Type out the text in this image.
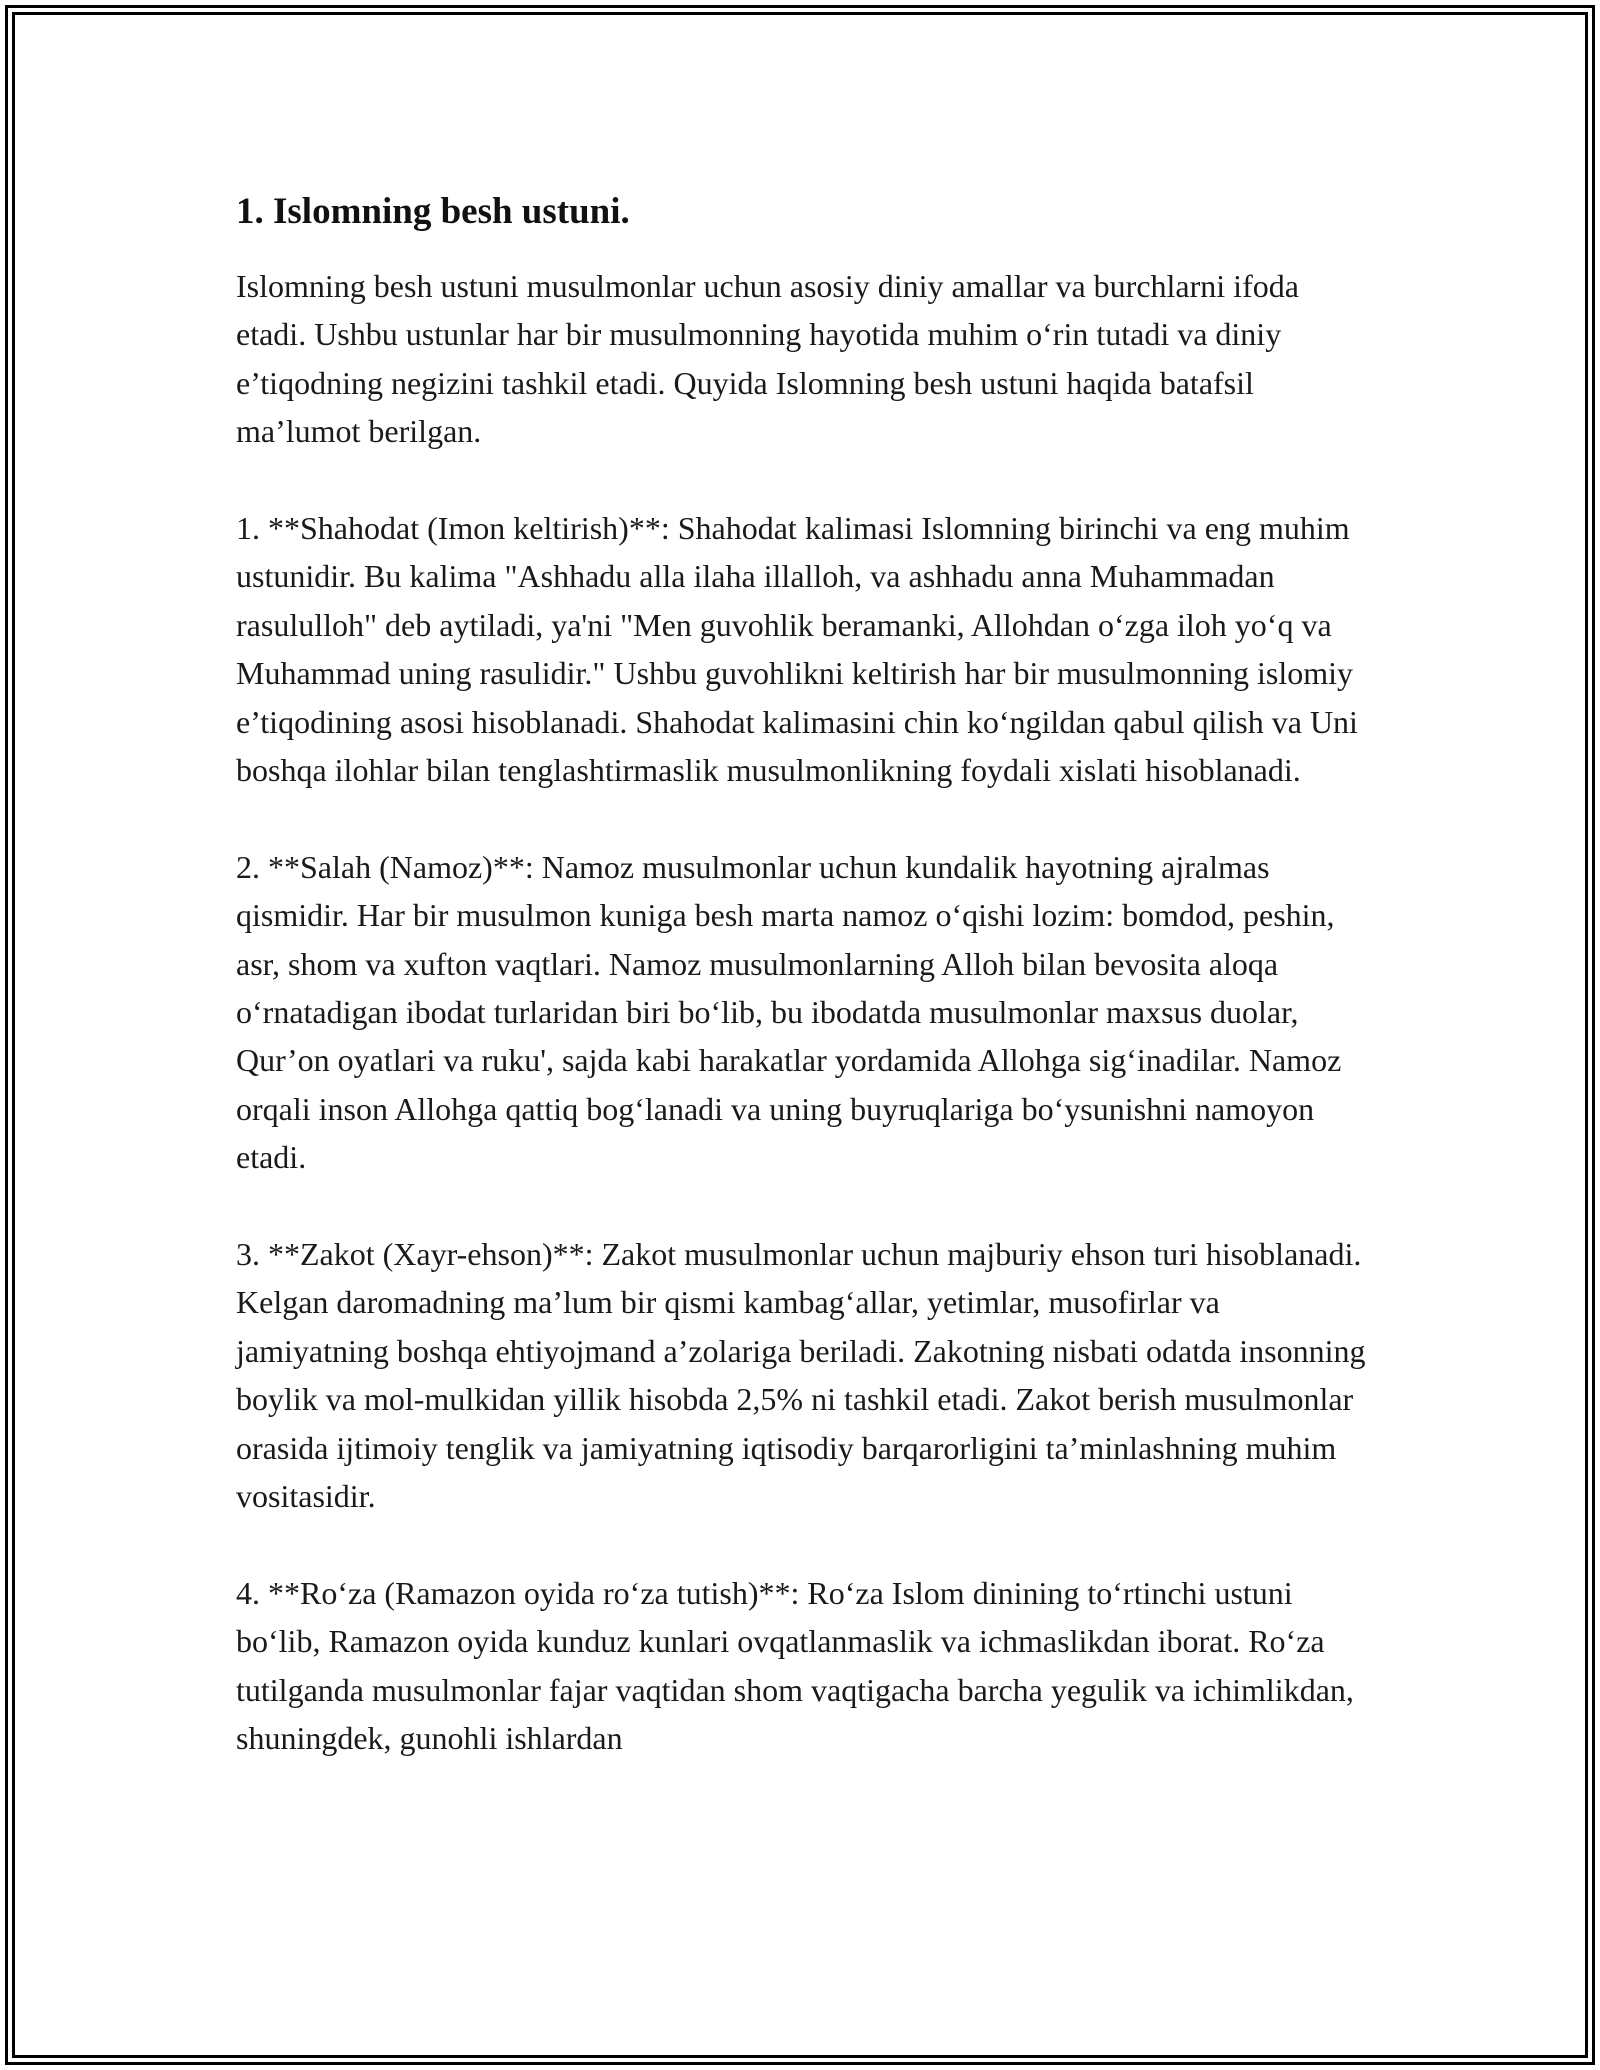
1. Islomning besh ustuni.

Islomning besh ustuni musulmonlar uchun asosiy diniy amallar va burchlarni ifoda etadi. Ushbu ustunlar har bir musulmonning hayotida muhim o‘rin tutadi va diniy e’tiqodning negizini tashkil etadi. Quyida Islomning besh ustuni haqida batafsil ma’lumot berilgan.

1. **Shahodat (Imon keltirish)**: Shahodat kalimasi Islomning birinchi va eng muhim ustunidir. Bu kalima "Ashhadu alla ilaha illalloh, va ashhadu anna Muhammadan rasululloh" deb aytiladi, ya'ni "Men guvohlik beramanki, Allohdan o‘zga iloh yo‘q va Muhammad uning rasulidir." Ushbu guvohlikni keltirish har bir musulmonning islomiy e’tiqodining asosi hisoblanadi. Shahodat kalimasini chin ko‘ngildan qabul qilish va Uni boshqa ilohlar bilan tenglashtirmaslik musulmonlikning foydali xislati hisoblanadi.

2. **Salah (Namoz)**: Namoz musulmonlar uchun kundalik hayotning ajralmas qismidir. Har bir musulmon kuniga besh marta namoz o‘qishi lozim: bomdod, peshin, asr, shom va xufton vaqtlari. Namoz musulmonlarning Alloh bilan bevosita aloqa o‘rnatadigan ibodat turlaridan biri bo‘lib, bu ibodatda musulmonlar maxsus duolar, Qur’on oyatlari va ruku', sajda kabi harakatlar yordamida Allohga sig‘inadilar. Namoz orqali inson Allohga qattiq bog‘lanadi va uning buyruqlariga bo‘ysunishni namoyon etadi.

3. **Zakot (Xayr-ehson)**: Zakot musulmonlar uchun majburiy ehson turi hisoblanadi. Kelgan daromadning ma’lum bir qismi kambag‘allar, yetimlar, musofirlar va jamiyatning boshqa ehtiyojmand a’zolariga beriladi. Zakotning nisbati odatda insonning boylik va mol-mulkidan yillik hisobda 2,5% ni tashkil etadi. Zakot berish musulmonlar orasida ijtimoiy tenglik va jamiyatning iqtisodiy barqarorligini ta’minlashning muhim vositasidir.

4. **Ro‘za (Ramazon oyida ro‘za tutish)**: Ro‘za Islom dinining to‘rtinchi ustuni bo‘lib, Ramazon oyida kunduz kunlari ovqatlanmaslik va ichmaslikdan iborat. Ro‘za tutilganda musulmonlar fajar vaqtidan shom vaqtigacha barcha yegulik va ichimlikdan, shuningdek, gunohli ishlardan
